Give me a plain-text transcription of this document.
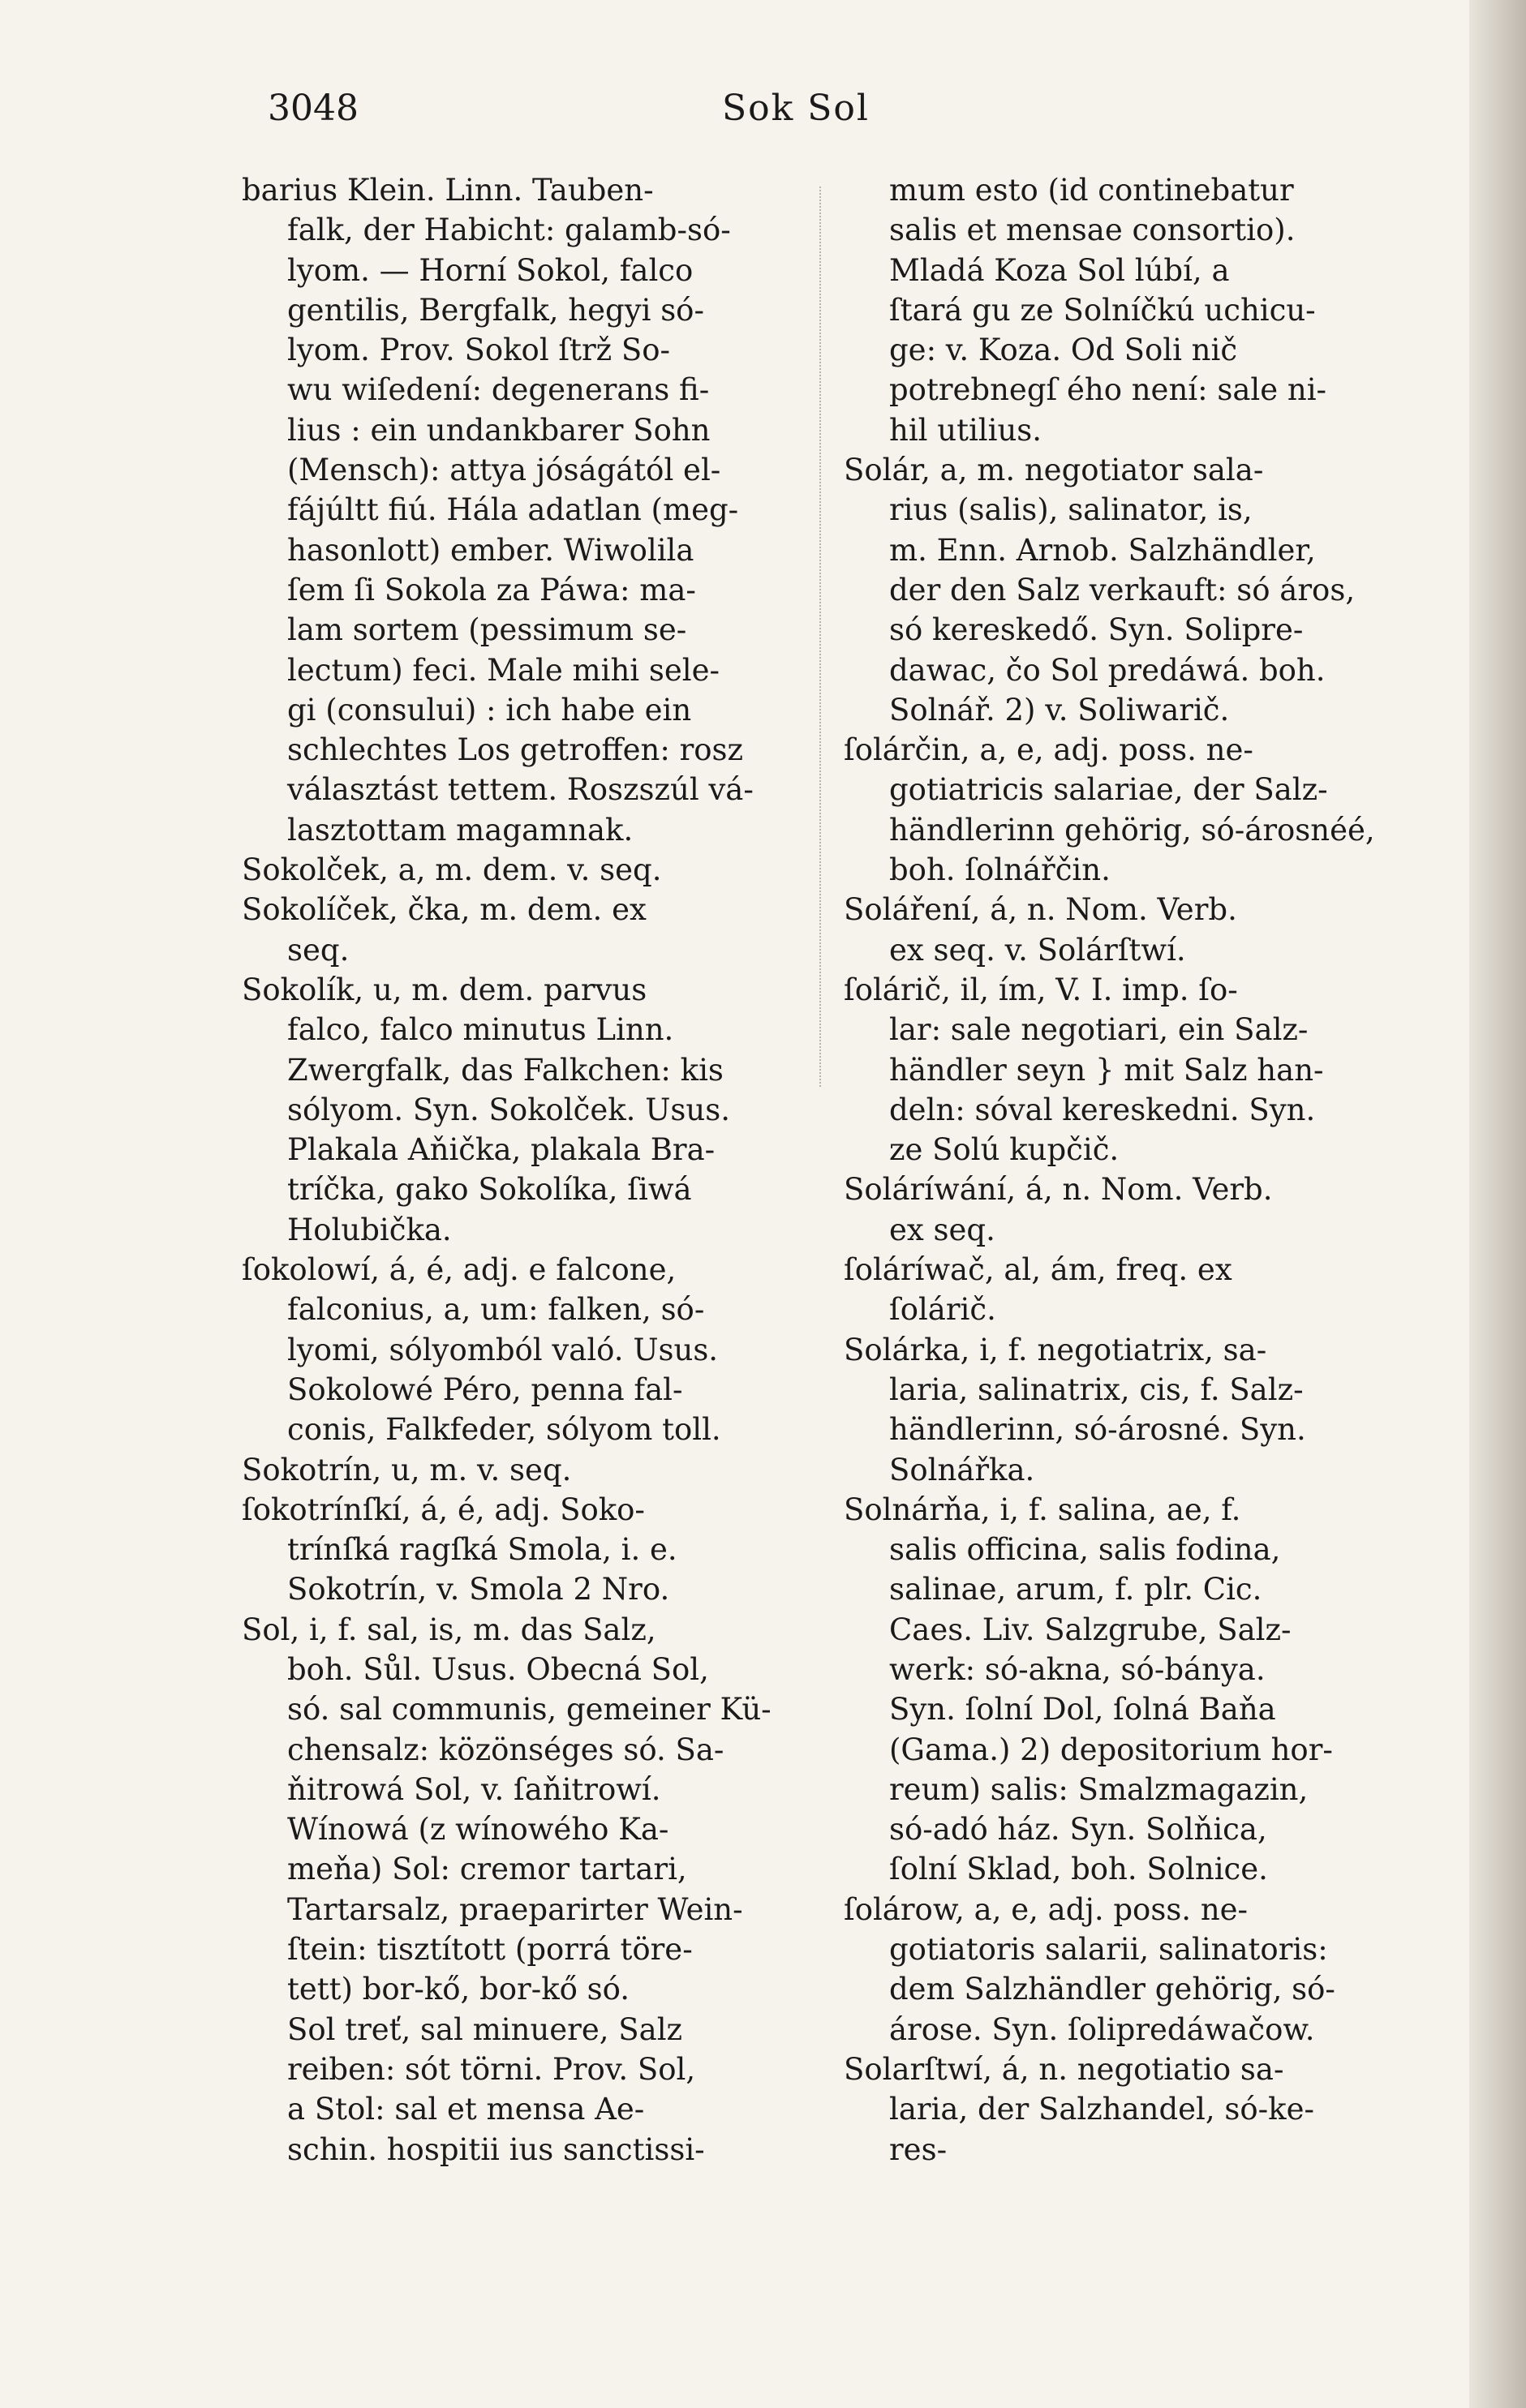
3048	Sok Sol
barius Klein. Linn. Tauben-
falk, der Habicht: galamb-só-
lyom. — Horní Sokol, falco
gentilis, Bergfalk, hegyi só-
lyom. Prov. Sokol ſtrž So-
wu wiſedení: degenerans fi-
lius : ein undankbarer Sohn
(Mensch): attya jóságától el-
fájúltt fiú. Hála adatlan (meg-
hasonlott) ember. Wiwolila
ſem ſi Sokola za Páwa: ma-
lam sortem (pessimum se-
lectum) feci. Male mihi sele-
gi (consului) : ich habe ein
schlechtes Los getroffen: rosz
választást tettem. Roszszúl vá-
lasztottam magamnak.
Sokolček, a, m. dem. v. seq.
Sokolíček, čka, m. dem. ex
seq.
Sokolík, u, m. dem. parvus
falco, falco minutus Linn.
Zwergfalk, das Falkchen: kis
sólyom. Syn. Sokolček. Usus.
Plakala Aňička, plakala Bra-
tríčka, gako Sokolíka, ſiwá
Holubička.
ſokolowí, á, é, adj. e falcone,
falconius, a, um: falken, só-
lyomi, sólyomból való. Usus.
Sokolowé Péro, penna fal-
conis, Falkfeder, sólyom toll.
Sokotrín, u, m. v. seq.
ſokotrínſkí, á, é, adj. Soko-
trínſká ragſká Smola, i. e.
Sokotrín, v. Smola 2 Nro.
Sol, i, f. sal, is, m. das Salz,
boh. Sůl. Usus. Obecná Sol,
só. sal communis, gemeiner Kü-
chensalz: közönséges só. Sa-
ňitrowá Sol, v. ſaňitrowí.
Wínowá (z wínowého Ka-
meňa) Sol: cremor tartari,
Tartarsalz, praeparirter Wein-
ſtein: tisztított (porrá töre-
tett) bor-kő, bor-kő só.
Sol treť, sal minuere, Salz
reiben: sót törni. Prov. Sol,
a Stol: sal et mensa Ae-
schin. hospitii ius sanctissi-
mum esto (id continebatur
salis et mensae consortio).
Mladá Koza Sol lúbí, a
ſtará gu ze Solníčkú uchicu-
ge: v. Koza. Od Soli nič
potrebnegſ ého není: sale ni-
hil utilius.
Solár, a, m. negotiator sala-
rius (salis), salinator, is,
m. Enn. Arnob. Salzhändler,
der den Salz verkauft: só áros,
só kereskedő. Syn. Solipre-
dawac, čo Sol predáwá. boh.
Solnář. 2) v. Soliwarič.
ſolárčin, a, e, adj. poss. ne-
gotiatricis salariae, der Salz-
händlerinn gehörig, só-árosnéé,
boh. ſolnářčin.
Soláření, á, n. Nom. Verb.
ex seq. v. Solárſtwí.
ſolárič, il, ím, V. I. imp. ſo-
lar: sale negotiari, ein Salz-
händler seyn } mit Salz han-
deln: sóval kereskedni. Syn.
ze Solú kupčič.
Soláríwání, á, n. Nom. Verb.
ex seq.
ſoláríwač, al, ám, freq. ex
ſolárič.
Solárka, i, f. negotiatrix, sa-
laria, salinatrix, cis, f. Salz-
händlerinn, só-árosné. Syn.
Solnářka.
Solnárňa, i, f. salina, ae, f.
salis officina, salis fodina,
salinae, arum, f. plr. Cic.
Caes. Liv. Salzgrube, Salz-
werk: só-akna, só-bánya.
Syn. ſolní Dol, ſolná Baňa
(Gama.) 2) depositorium hor-
reum) salis: Smalzmagazin,
só-adó ház. Syn. Solňica,
ſolní Sklad, boh. Solnice.
ſolárow, a, e, adj. poss. ne-
gotiatoris salarii, salinatoris:
dem Salzhändler gehörig, só-
árose. Syn. ſolipredáwačow.
Solarſtwí, á, n. negotiatio sa-
laria, der Salzhandel, só-ke-
res-
